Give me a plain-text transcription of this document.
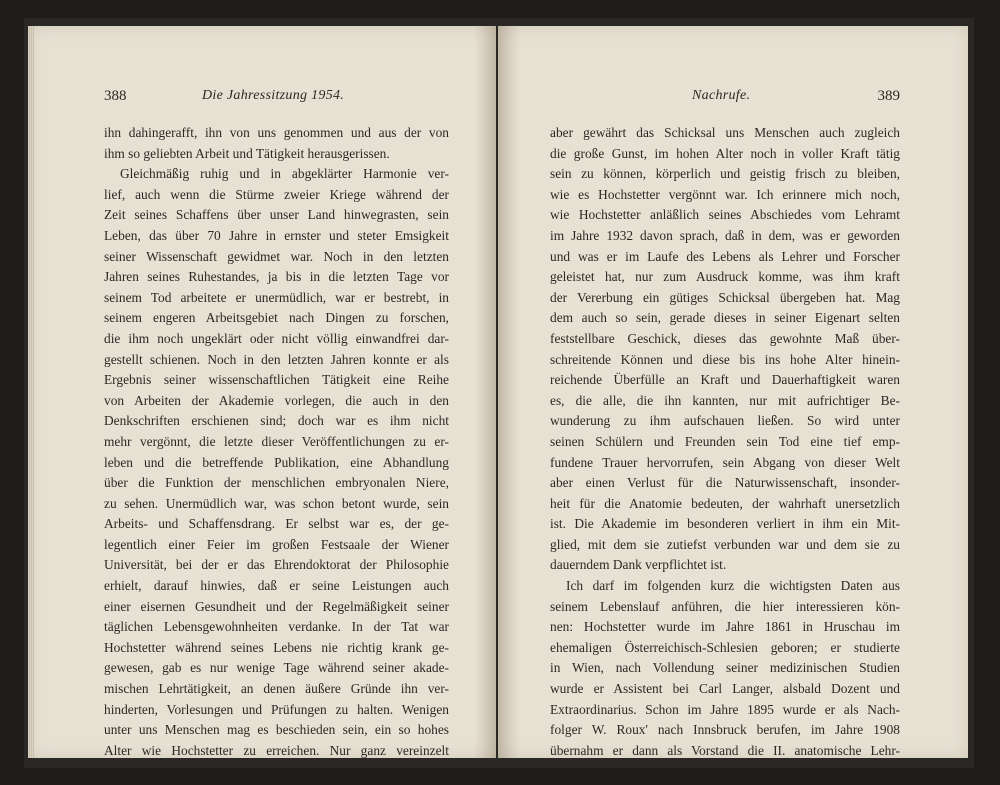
388	Die Jahressitzung 1954.
ihn dahingerafft, ihn von uns genommen und aus der von
ihm so geliebten Arbeit und Tätigkeit herausgerissen.
Gleichmäßig ruhig und in abgeklärter Harmonie ver-
lief, auch wenn die Stürme zweier Kriege während der
Zeit seines Schaffens über unser Land hinwegrasten, sein
Leben, das über 70 Jahre in ernster und steter Emsigkeit
seiner Wissenschaft gewidmet war. Noch in den letzten
Jahren seines Ruhestandes, ja bis in die letzten Tage vor
seinem Tod arbeitete er unermüdlich, war er bestrebt, in
seinem engeren Arbeitsgebiet nach Dingen zu forschen,
die ihm noch ungeklärt oder nicht völlig einwandfrei dar-
gestellt schienen. Noch in den letzten Jahren konnte er als
Ergebnis seiner wissenschaftlichen Tätigkeit eine Reihe
von Arbeiten der Akademie vorlegen, die auch in den
Denkschriften erschienen sind; doch war es ihm nicht
mehr vergönnt, die letzte dieser Veröffentlichungen zu er-
leben und die betreffende Publikation, eine Abhandlung
über die Funktion der menschlichen embryonalen Niere,
zu sehen. Unermüdlich war, was schon betont wurde, sein
Arbeits- und Schaffensdrang. Er selbst war es, der ge-
legentlich einer Feier im großen Festsaale der Wiener
Universität, bei der er das Ehrendoktorat der Philosophie
erhielt, darauf hinwies, daß er seine Leistungen auch
einer eisernen Gesundheit und der Regelmäßigkeit seiner
täglichen Lebensgewohnheiten verdanke. In der Tat war
Hochstetter während seines Lebens nie richtig krank ge-
gewesen, gab es nur wenige Tage während seiner akade-
mischen Lehrtätigkeit, an denen äußere Gründe ihn ver-
hinderten, Vorlesungen und Prüfungen zu halten. Wenigen
unter uns Menschen mag es beschieden sein, ein so hohes
Alter wie Hochstetter zu erreichen. Nur ganz vereinzelt
Nachrufe.	389
aber gewährt das Schicksal uns Menschen auch zugleich
die große Gunst, im hohen Alter noch in voller Kraft tätig
sein zu können, körperlich und geistig frisch zu bleiben,
wie es Hochstetter vergönnt war. Ich erinnere mich noch,
wie Hochstetter anläßlich seines Abschiedes vom Lehramt
im Jahre 1932 davon sprach, daß in dem, was er geworden
und was er im Laufe des Lebens als Lehrer und Forscher
geleistet hat, nur zum Ausdruck komme, was ihm kraft
der Vererbung ein gütiges Schicksal übergeben hat. Mag
dem auch so sein, gerade dieses in seiner Eigenart selten
feststellbare Geschick, dieses das gewohnte Maß über-
schreitende Können und diese bis ins hohe Alter hinein-
reichende Überfülle an Kraft und Dauerhaftigkeit waren
es, die alle, die ihn kannten, nur mit aufrichtiger Be-
wunderung zu ihm aufschauen ließen. So wird unter
seinen Schülern und Freunden sein Tod eine tief emp-
fundene Trauer hervorrufen, sein Abgang von dieser Welt
aber einen Verlust für die Naturwissenschaft, insonder-
heit für die Anatomie bedeuten, der wahrhaft unersetzlich
ist. Die Akademie im besonderen verliert in ihm ein Mit-
glied, mit dem sie zutiefst verbunden war und dem sie zu
dauerndem Dank verpflichtet ist.
Ich darf im folgenden kurz die wichtigsten Daten aus
seinem Lebenslauf anführen, die hier interessieren kön-
nen: Hochstetter wurde im Jahre 1861 in Hruschau im
ehemaligen Österreichisch-Schlesien geboren; er studierte
in Wien, nach Vollendung seiner medizinischen Studien
wurde er Assistent bei Carl Langer, alsbald Dozent und
Extraordinarius. Schon im Jahre 1895 wurde er als Nach-
folger W. Roux' nach Innsbruck berufen, im Jahre 1908
übernahm er dann als Vorstand die II. anatomische Lehr-
